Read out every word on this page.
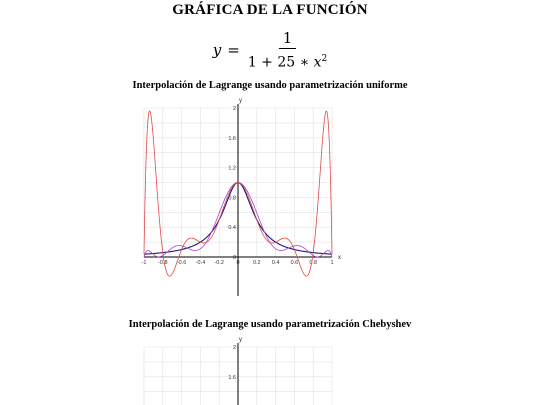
GRÁFICA DE LA FUNCIÓN
$y = \frac{1}{1 + 25 ∗ x^2}$
Interpolación de Lagrange usando parametrización uniforme
y
0
0.4
0.8
1.2
1.6
2
x
-1 -0.8 -0.6 -0.4 -0.2 0 0.2 0.4 0.6 0.8 1
Interpolación de Lagrange usando parametrización Chebyshev
y
1.6
2
